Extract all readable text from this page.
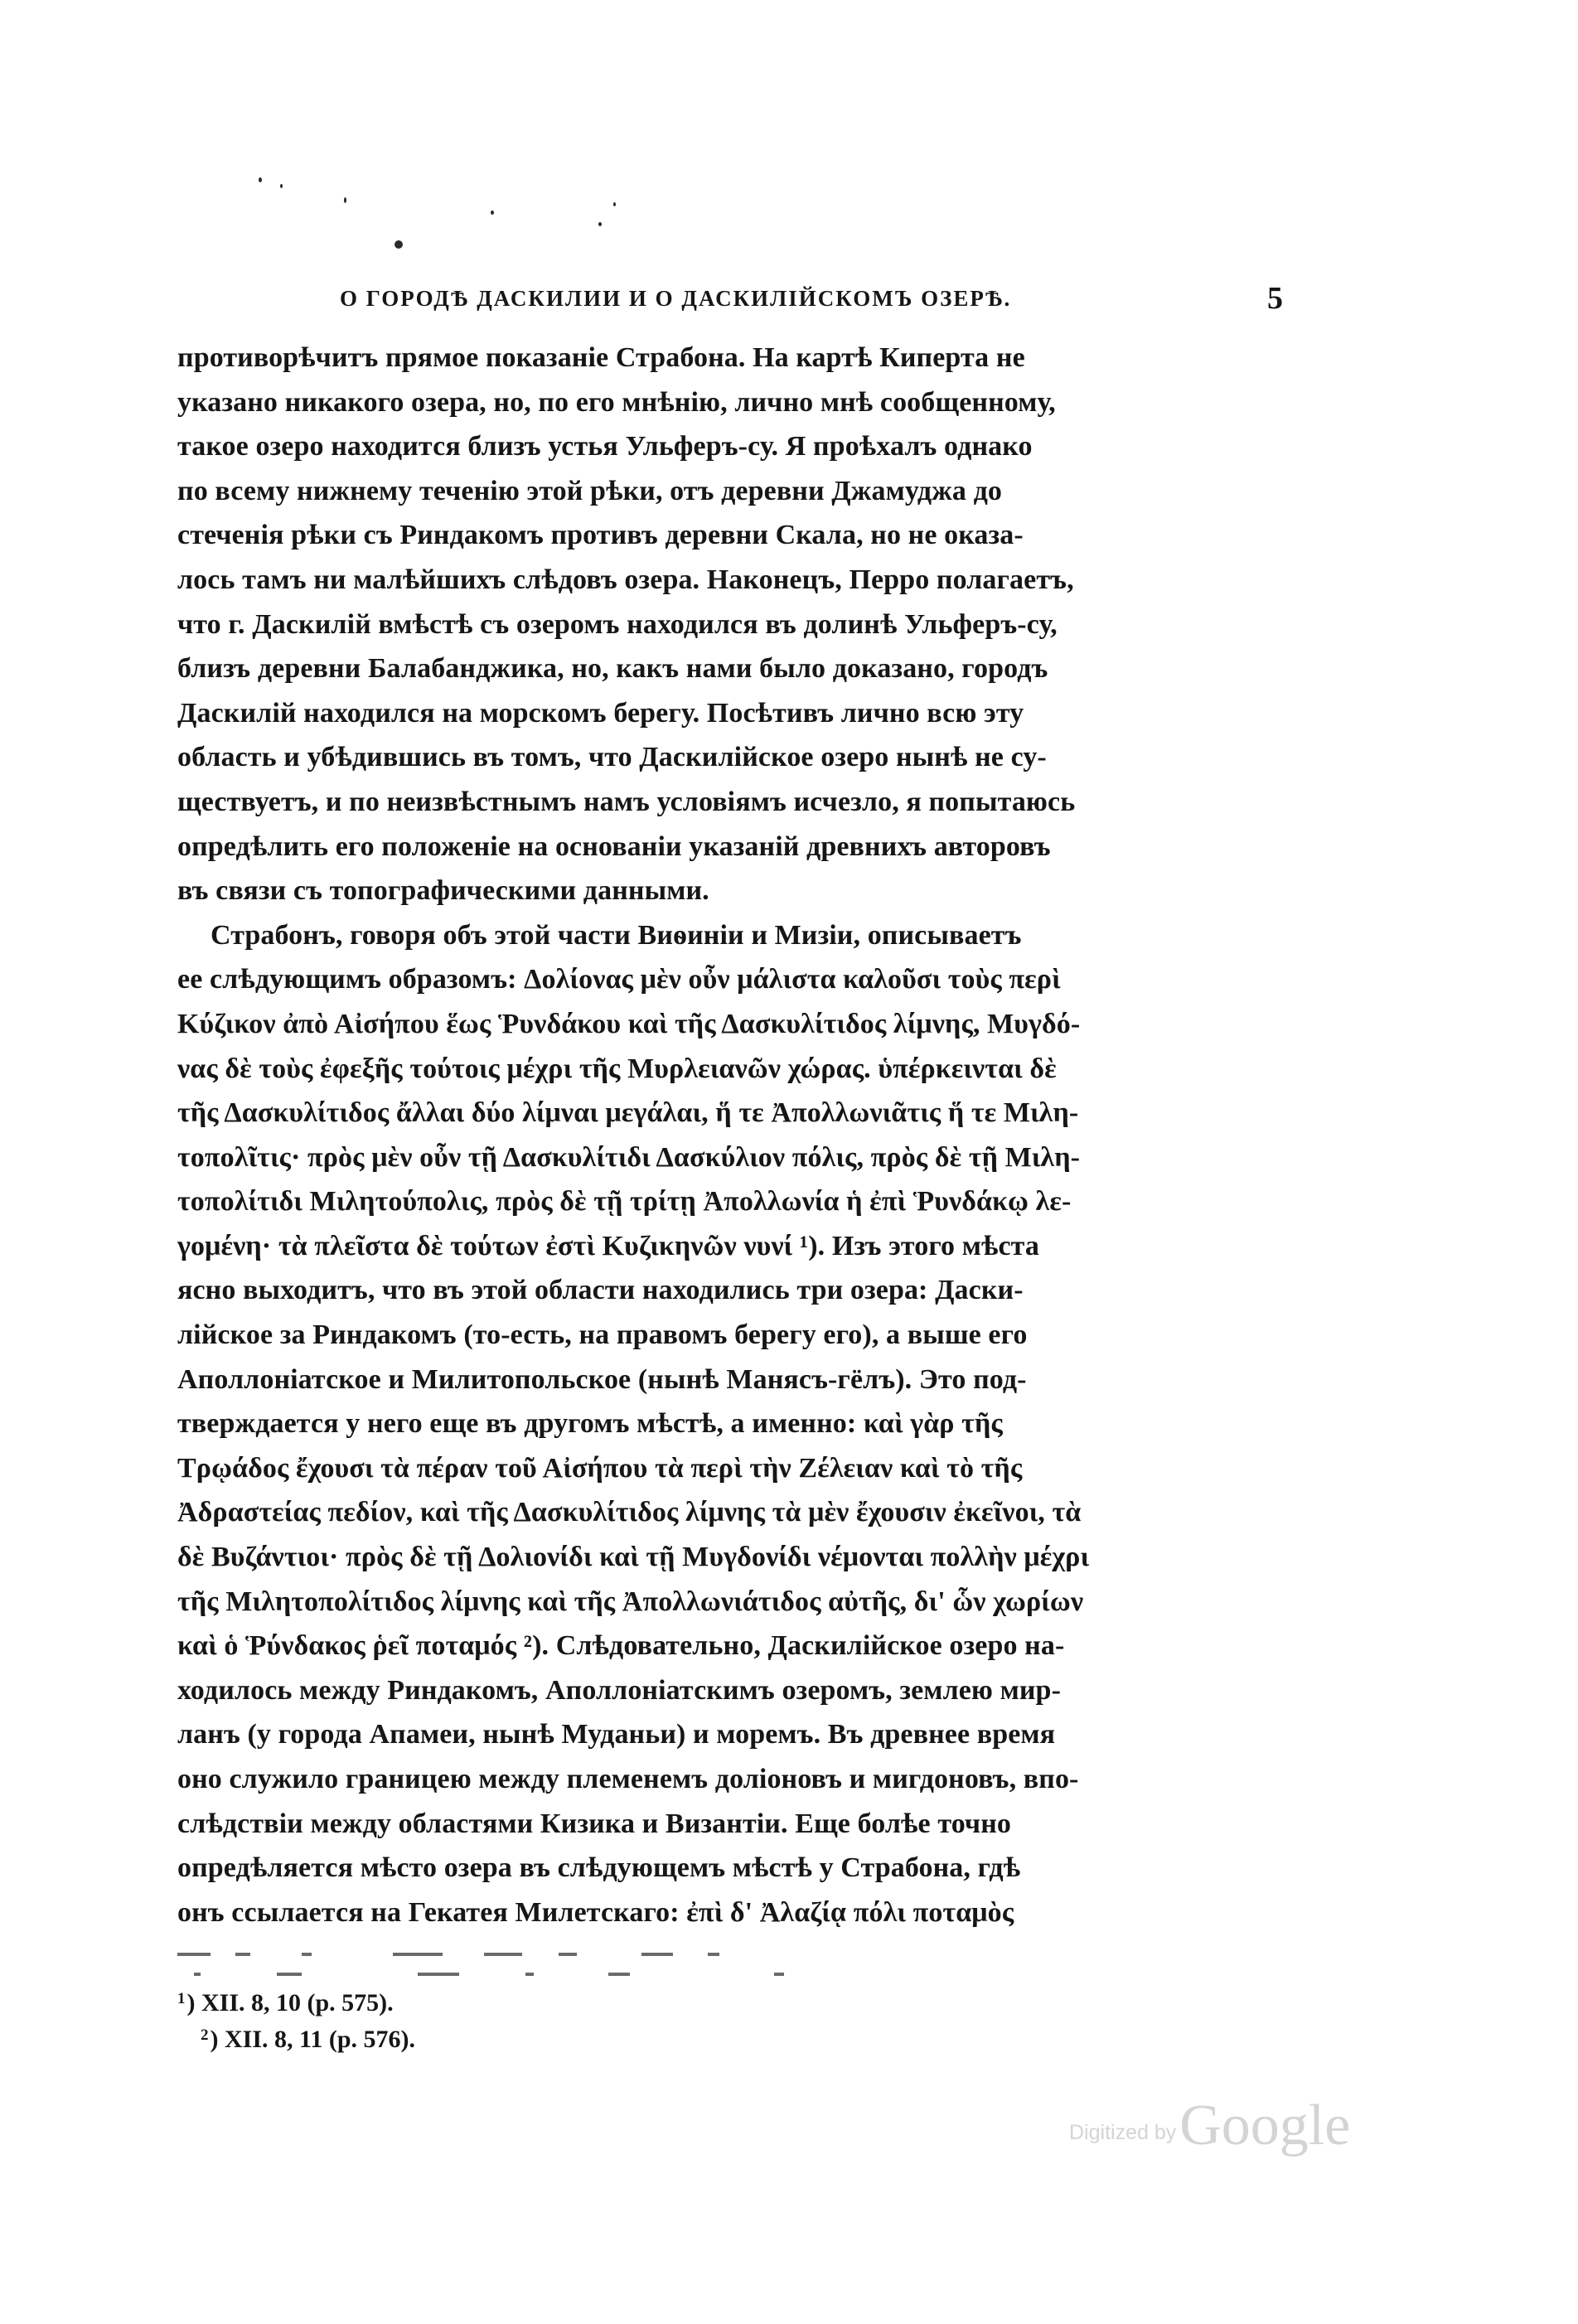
О ГОРОДѢ ДАСКИЛИИ И О ДАСКИЛІЙСКОМЪ ОЗЕРѢ.	5
противорѣчитъ прямое показаніе Страбона. На картѣ Киперта не
указано никакого озера, но, по его мнѣнію, лично мнѣ сообщенному,
такое озеро находится близъ устья Ульферъ-су. Я проѣхалъ однако
по всему нижнему теченію этой рѣки, отъ деревни Джамуджа до
стеченія рѣки съ Риндакомъ противъ деревни Скала, но не оказа-
лось тамъ ни малѣйшихъ слѣдовъ озера. Наконецъ, Перро полагаетъ,
что г. Даскилій вмѣстѣ съ озеромъ находился въ долинѣ Ульферъ-су,
близъ деревни Балабанджика, но, какъ нами было доказано, городъ
Даскилій находился на морскомъ берегу. Посѣтивъ лично всю эту
область и убѣдившись въ томъ, что Даскилійское озеро нынѣ не су-
ществуетъ, и по неизвѣстнымъ намъ условіямъ исчезло, я попытаюсь
опредѣлить его положеніе на основаніи указаній древнихъ авторовъ
въ связи съ топографическими данными.
Страбонъ, говоря объ этой части Виѳиніи и Мизіи, описываетъ
ее слѣдующимъ образомъ: Δολίονας μὲν οὖν μάλιστα καλοῦσι τοὺς περὶ
Κύζικον ἀπὸ Αἰσήπου ἕως Ῥυνδάκου καὶ τῆς Δασκυλίτιδος λίμνης, Μυγδό-
νας δὲ τοὺς ἐφεξῆς τούτοις μέχρι τῆς Μυρλειανῶν χώρας. ὑπέρκεινται δὲ
τῆς Δασκυλίτιδος ἄλλαι δύο λίμναι μεγάλαι, ἥ τε Ἀπολλωνιᾶτις ἥ τε Μιλη-
τοπολῖτις· πρὸς μὲν οὖν τῇ Δασκυλίτιδι Δασκύλιον πόλις, πρὸς δὲ τῇ Μιλη-
τοπολίτιδι Μιλητούπολις, πρὸς δὲ τῇ τρίτῃ Ἀπολλωνία ἡ ἐπὶ Ῥυνδάκῳ λε-
γομένη· τὰ πλεῖστα δὲ τούτων ἐστὶ Κυζικηνῶν νυνί ¹). Изъ этого мѣста
ясно выходитъ, что въ этой области находились три озера: Даски-
лійское за Риндакомъ (то-есть, на правомъ берегу его), а выше его
Аполлоніатское и Милитопольское (нынѣ Манясъ-гёлъ). Это под-
тверждается у него еще въ другомъ мѣстѣ, а именно: καὶ γὰρ τῆς
Τρῳάδος ἔχουσι τὰ πέραν τοῦ Αἰσήπου τὰ περὶ τὴν Ζέλειαν καὶ τὸ τῆς
Ἀδραστείας πεδίον, καὶ τῆς Δασκυλίτιδος λίμνης τὰ μὲν ἔχουσιν ἐκεῖνοι, τὰ
δὲ Βυζάντιοι· πρὸς δὲ τῇ Δολιονίδι καὶ τῇ Μυγδονίδι νέμονται πολλὴν μέχρι
τῆς Μιλητοπολίτιδος λίμνης καὶ τῆς Ἀπολλωνιάτιδος αὐτῆς, δι' ὧν χωρίων
καὶ ὁ Ῥύνδακος ῥεῖ ποταμός ²). Слѣдовательно, Даскилійское озеро на-
ходилось между Риндакомъ, Аполлоніатскимъ озеромъ, землею мир-
ланъ (у города Апамеи, нынѣ Муданьи) и моремъ. Въ древнее время
оно служило границею между племенемъ доліоновъ и мигдоновъ, впо-
слѣдствіи между областями Кизика и Византіи. Еще болѣе точно
опредѣляется мѣсто озера въ слѣдующемъ мѣстѣ у Страбона, гдѣ
онъ ссылается на Гекатея Милетскаго: ἐπὶ δ' Ἀλαζίᾳ πόλι ποταμὸς
$^1$) XII. 8, 10 (p. 575).
$^2$) XII. 8, 11 (p. 576).
Digitized by Google
